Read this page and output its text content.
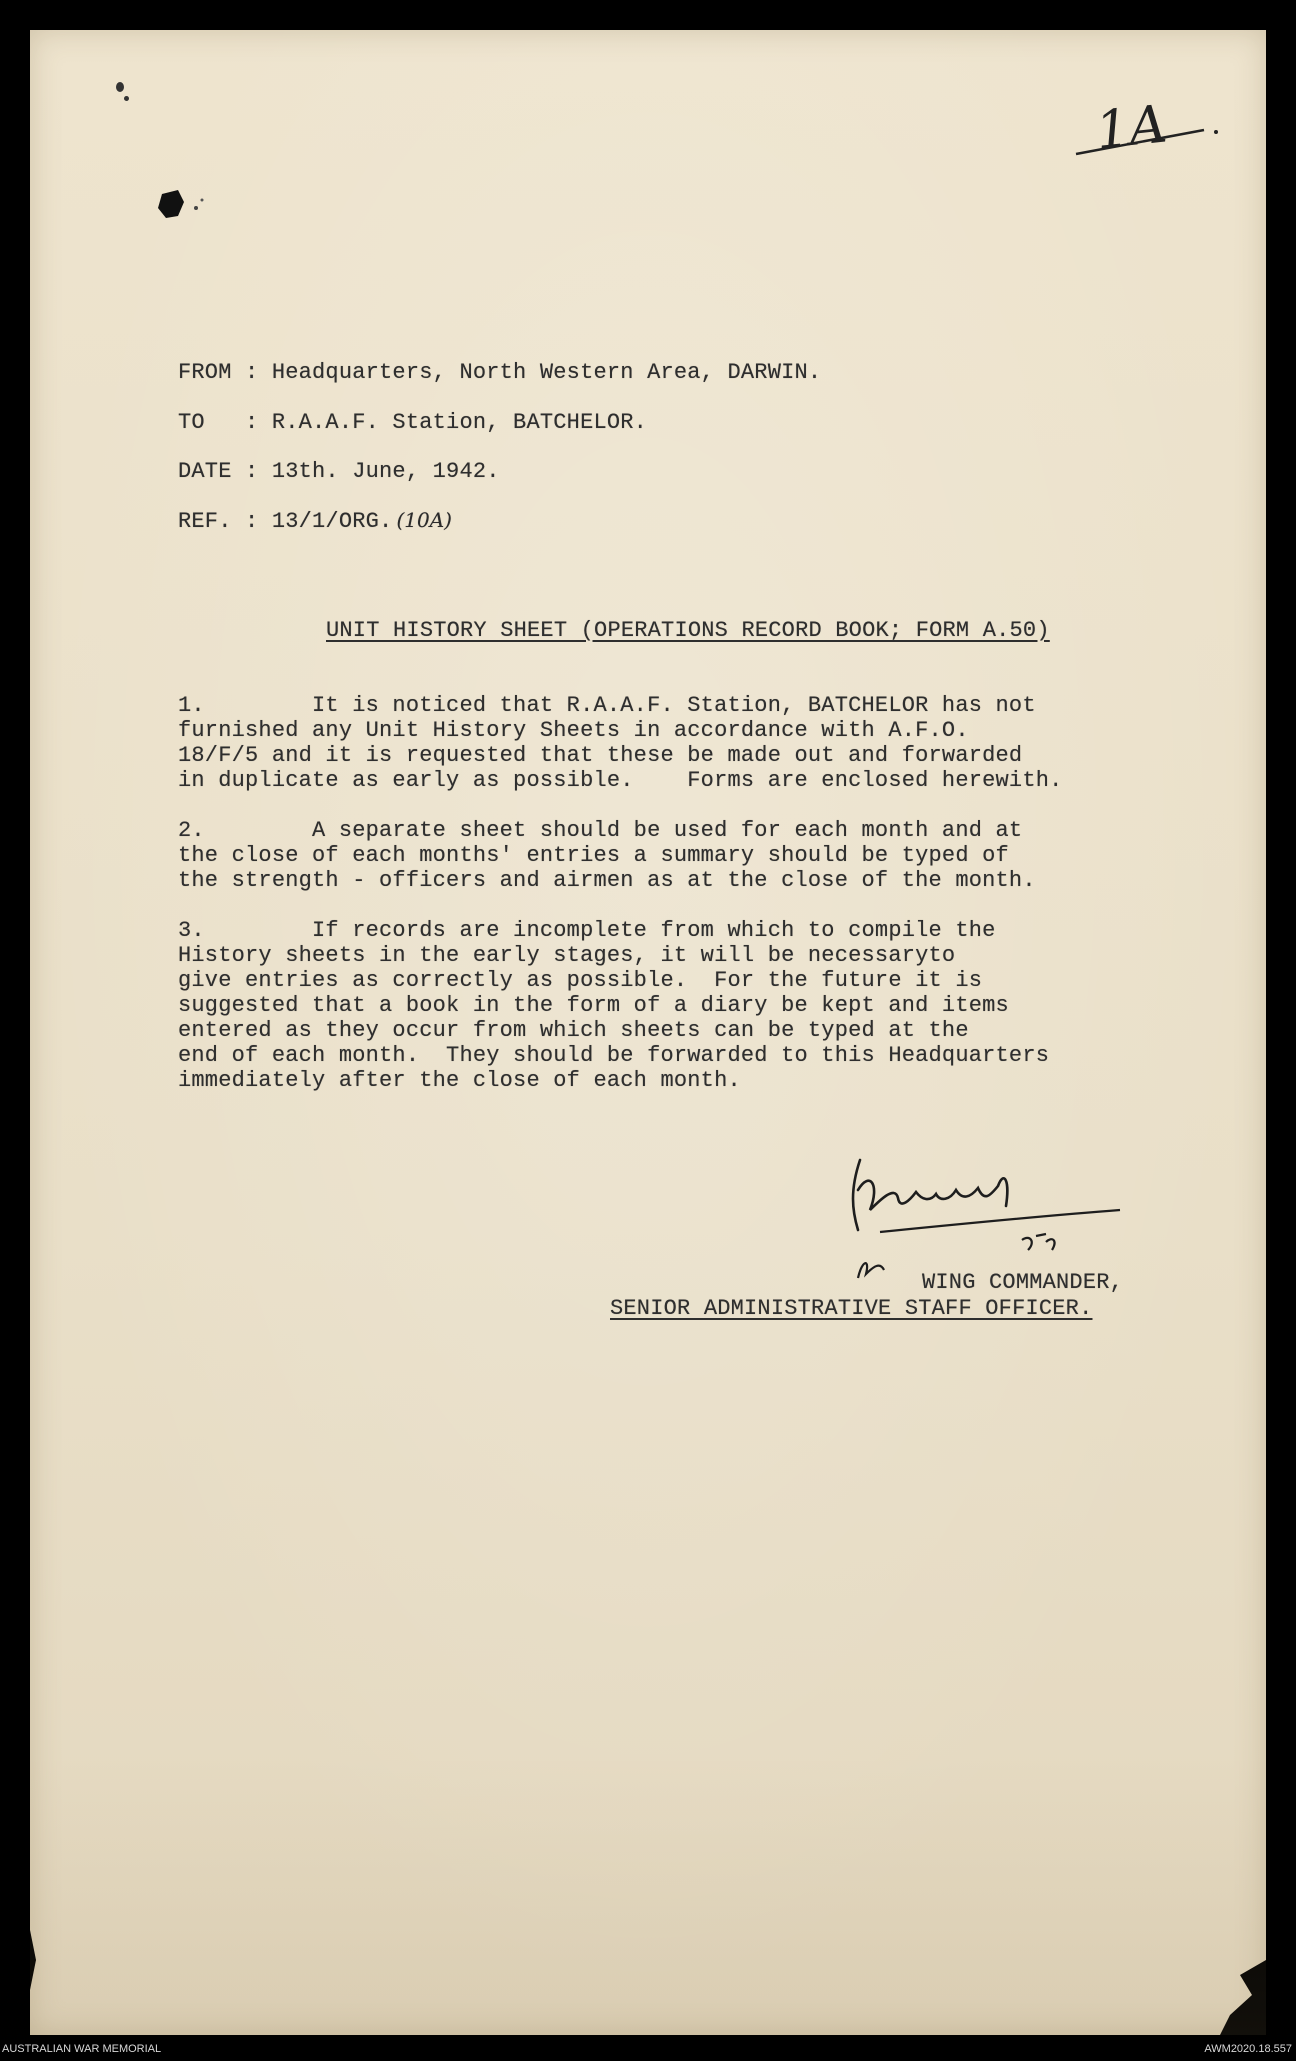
1A
FROM : Headquarters, North Western Area, DARWIN.
TO   : R.A.A.F. Station, BATCHELOR.
DATE : 13th. June, 1942.
REF. : 13/1/ORG. (10A)
UNIT HISTORY SHEET (OPERATIONS RECORD BOOK; FORM A.50)
1.        It is noticed that R.A.A.F. Station, BATCHELOR has not
furnished any Unit History Sheets in accordance with A.F.O.
18/F/5 and it is requested that these be made out and forwarded
in duplicate as early as possible.    Forms are enclosed herewith.
2.        A separate sheet should be used for each month and at
the close of each months' entries a summary should be typed of
the strength - officers and airmen as at the close of the month.
3.        If records are incomplete from which to compile the
History sheets in the early stages, it will be necessaryto
give entries as correctly as possible.  For the future it is
suggested that a book in the form of a diary be kept and items
entered as they occur from which sheets can be typed at the
end of each month.  They should be forwarded to this Headquarters
immediately after the close of each month.
W.Garrett
WING COMMANDER,
SENIOR ADMINISTRATIVE STAFF OFFICER.
AUSTRALIAN WAR MEMORIAL	AWM2020.18.557
